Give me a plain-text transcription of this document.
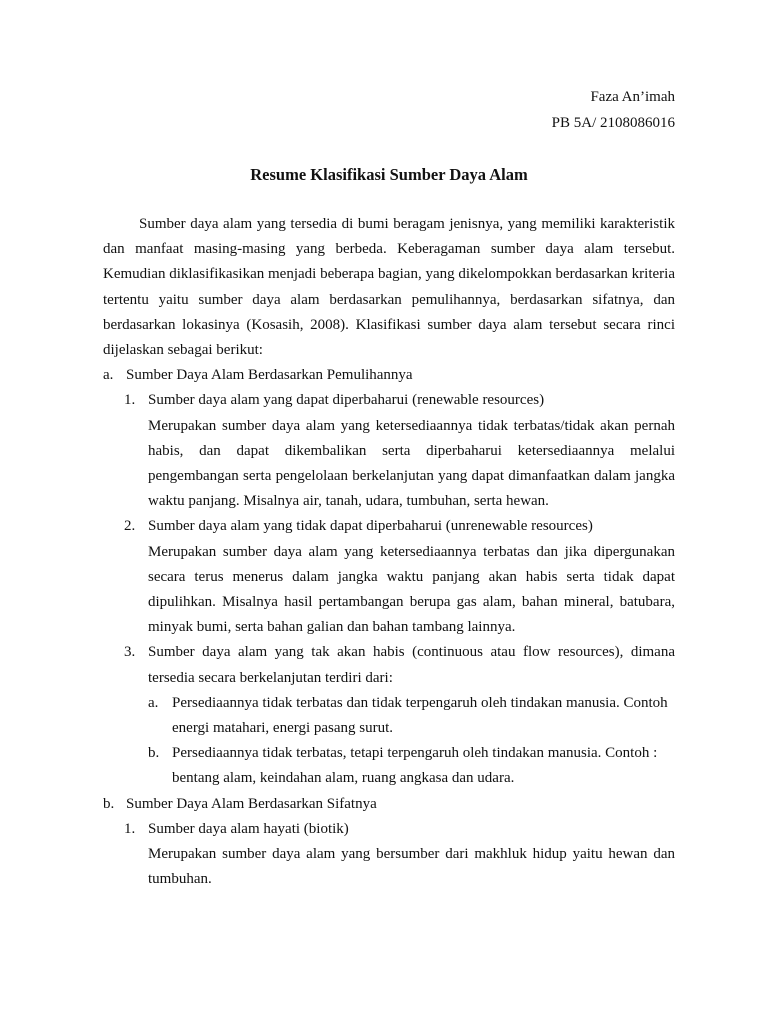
Faza An’imah
PB 5A/ 2108086016
Resume Klasifikasi Sumber Daya Alam
Sumber daya alam yang tersedia di bumi beragam jenisnya, yang memiliki karakteristik dan manfaat masing-masing yang berbeda. Keberagaman sumber daya alam tersebut. Kemudian diklasifikasikan menjadi beberapa bagian, yang dikelompokkan berdasarkan kriteria tertentu yaitu sumber daya alam berdasarkan pemulihannya, berdasarkan sifatnya, dan berdasarkan lokasinya (Kosasih, 2008). Klasifikasi sumber daya alam tersebut secara rinci dijelaskan sebagai berikut:
a. Sumber Daya Alam Berdasarkan Pemulihannya
1. Sumber daya alam yang dapat diperbaharui (renewable resources)
Merupakan sumber daya alam yang ketersediaannya tidak terbatas/tidak akan pernah habis, dan dapat dikembalikan serta diperbaharui ketersediaannya melalui pengembangan serta pengelolaan berkelanjutan yang dapat dimanfaatkan dalam jangka waktu panjang. Misalnya air, tanah, udara, tumbuhan, serta hewan.
2. Sumber daya alam yang tidak dapat diperbaharui (unrenewable resources)
Merupakan sumber daya alam yang ketersediaannya terbatas dan jika dipergunakan secara terus menerus dalam jangka waktu panjang akan habis serta tidak dapat dipulihkan. Misalnya hasil pertambangan berupa gas alam, bahan mineral, batubara, minyak bumi, serta bahan galian dan bahan tambang lainnya.
3. Sumber daya alam yang tak akan habis (continuous atau flow resources), dimana tersedia secara berkelanjutan terdiri dari:
a. Persediaannya tidak terbatas dan tidak terpengaruh oleh tindakan manusia. Contoh
energi matahari, energi pasang surut.
b. Persediaannya tidak terbatas, tetapi terpengaruh oleh tindakan manusia. Contoh :
bentang alam, keindahan alam, ruang angkasa dan udara.
b. Sumber Daya Alam Berdasarkan Sifatnya
1. Sumber daya alam hayati (biotik)
Merupakan sumber daya alam yang bersumber dari makhluk hidup yaitu hewan dan tumbuhan.
